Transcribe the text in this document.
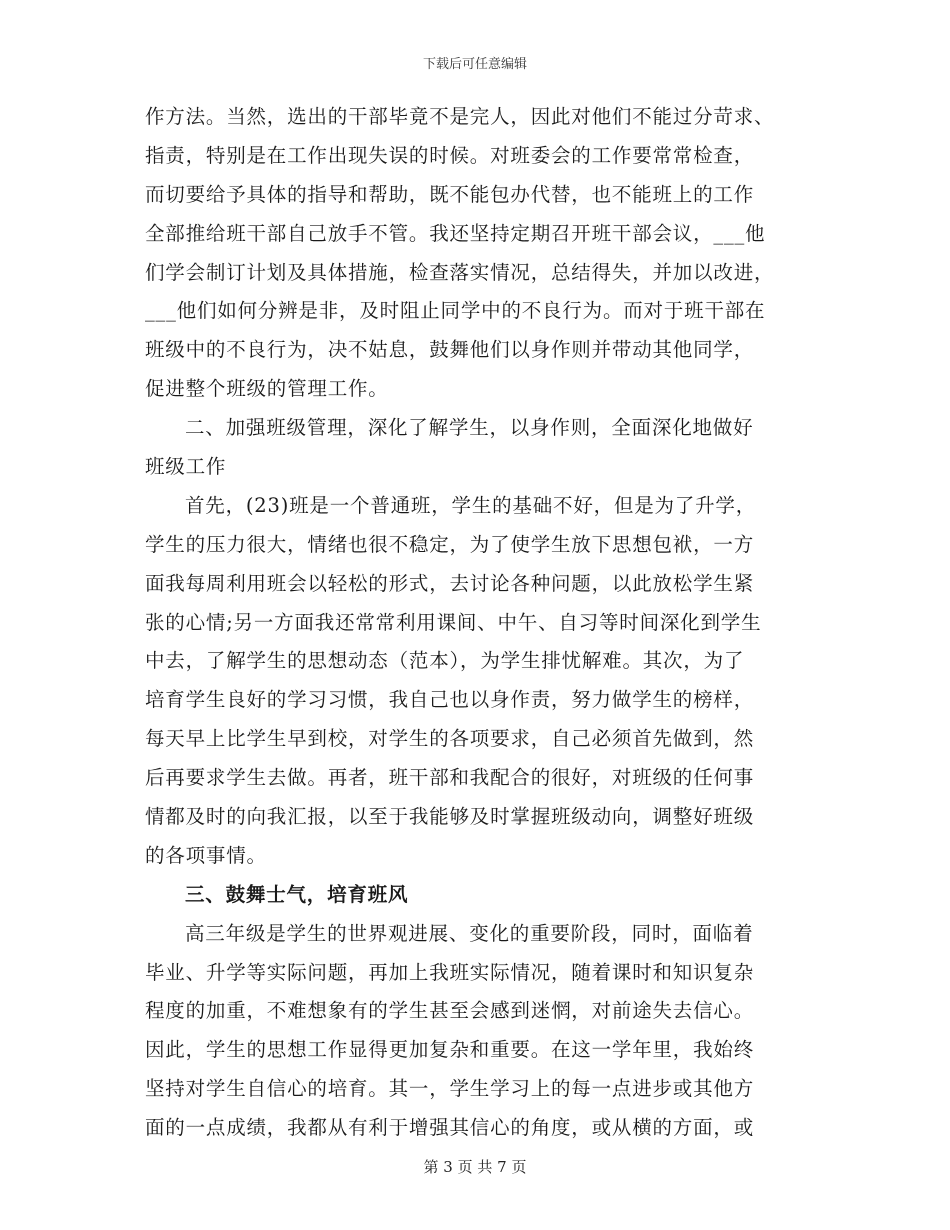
下载后可任意编辑
作方法。当然，选出的干部毕竟不是完人，因此对他们不能过分苛求、
指责，特别是在工作出现失误的时候。对班委会的工作要常常检查，
而切要给予具体的指导和帮助，既不能包办代替，也不能班上的工作
全部推给班干部自己放手不管。我还坚持定期召开班干部会议，___他
们学会制订计划及具体措施，检查落实情况，总结得失，并加以改进，
___他们如何分辨是非，及时阻止同学中的不良行为。而对于班干部在
班级中的不良行为，决不姑息，鼓舞他们以身作则并带动其他同学，
促进整个班级的管理工作。
二、加强班级管理，深化了解学生，以身作则，全面深化地做好
班级工作
首先，(23)班是一个普通班，学生的基础不好，但是为了升学，
学生的压力很大，情绪也很不稳定，为了使学生放下思想包袱，一方
面我每周利用班会以轻松的形式，去讨论各种问题，以此放松学生紧
张的心情;另一方面我还常常利用课间、中午、自习等时间深化到学生
中去，了解学生的思想动态（范本），为学生排忧解难。其次，为了
培育学生良好的学习习惯，我自己也以身作责，努力做学生的榜样，
每天早上比学生早到校，对学生的各项要求，自己必须首先做到，然
后再要求学生去做。再者，班干部和我配合的很好，对班级的任何事
情都及时的向我汇报，以至于我能够及时掌握班级动向，调整好班级
的各项事情。
三、鼓舞士气，培育班风
高三年级是学生的世界观进展、变化的重要阶段，同时，面临着
毕业、升学等实际问题，再加上我班实际情况，随着课时和知识复杂
程度的加重，不难想象有的学生甚至会感到迷惘，对前途失去信心。
因此，学生的思想工作显得更加复杂和重要。在这一学年里，我始终
坚持对学生自信心的培育。其一，学生学习上的每一点进步或其他方
面的一点成绩，我都从有利于增强其信心的角度，或从横的方面，或
第 3 页 共 7 页
